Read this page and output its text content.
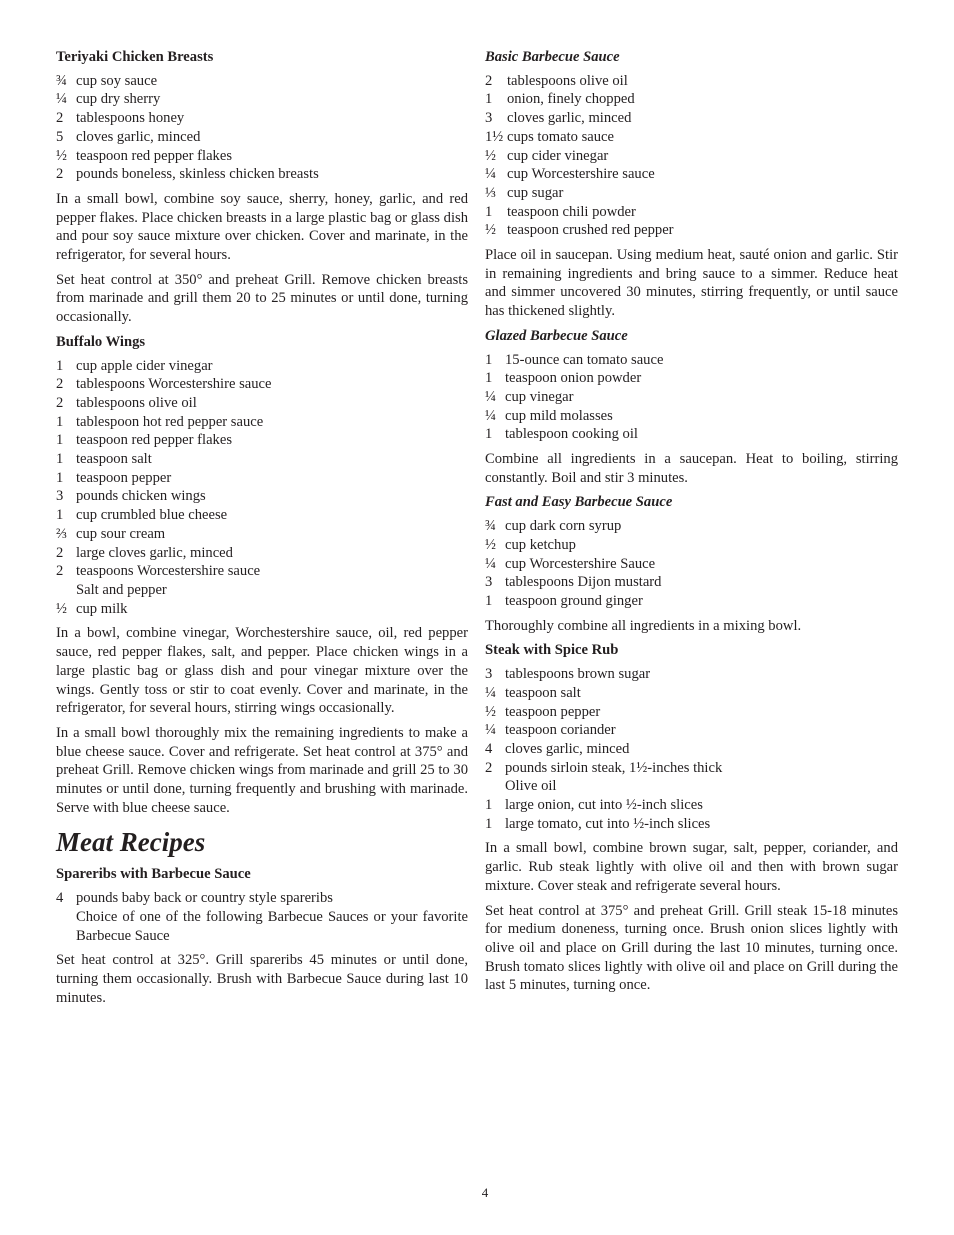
Teriyaki Chicken Breasts
¾ cup soy sauce
¼ cup dry sherry
2 tablespoons honey
5 cloves garlic, minced
½ teaspoon red pepper flakes
2 pounds boneless, skinless chicken breasts

In a small bowl, combine soy sauce, sherry, honey, garlic, and red pepper flakes. Place chicken breasts in a large plastic bag or glass dish and pour soy sauce mixture over chicken. Cover and marinate, in the refrigerator, for several hours.

Set heat control at 350° and preheat Grill. Remove chicken breasts from marinade and grill them 20 to 25 minutes or until done, turning occasionally.

Buffalo Wings
1 cup apple cider vinegar
2 tablespoons Worcestershire sauce
2 tablespoons olive oil
1 tablespoon hot red pepper sauce
1 teaspoon red pepper flakes
1 teaspoon salt
1 teaspoon pepper
3 pounds chicken wings
1 cup crumbled blue cheese
⅔ cup sour cream
2 large cloves garlic, minced
2 teaspoons Worcestershire sauce
Salt and pepper
½ cup milk

In a bowl, combine vinegar, Worchestershire sauce, oil, red pepper sauce, red pepper flakes, salt, and pepper. Place chicken wings in a large plastic bag or glass dish and pour vinegar mixture over the wings. Gently toss or stir to coat evenly. Cover and marinate, in the refrigerator, for several hours, stirring wings occasionally.

In a small bowl thoroughly mix the remaining ingredients to make a blue cheese sauce. Cover and refrigerate. Set heat control at 375° and preheat Grill. Remove chicken wings from marinade and grill 25 to 30 minutes or until done, turning frequently and brushing with marinade. Serve with blue cheese sauce.

Meat Recipes
Spareribs with Barbecue Sauce
4 pounds baby back or country style spareribs
Choice of one of the following Barbecue Sauces or your favorite Barbecue Sauce

Set heat control at 325°. Grill spareribs 45 minutes or until done, turning them occasionally. Brush with Barbecue Sauce during last 10 minutes.

Basic Barbecue Sauce
2	tablespoons olive oil
1	onion, finely chopped
3	cloves garlic, minced
1½ cups tomato sauce
½ cup cider vinegar
¼ cup Worcestershire sauce
⅓ cup sugar
1	teaspoon chili powder
½ teaspoon crushed red pepper

Place oil in saucepan. Using medium heat, sauté onion and garlic. Stir in remaining ingredients and bring sauce to a simmer. Reduce heat and simmer uncovered 30 minutes, stirring frequently, or until sauce has thickened slightly.

Glazed Barbecue Sauce
1 15-ounce can tomato sauce
1 teaspoon onion powder
¼ cup vinegar
¼ cup mild molasses
1 tablespoon cooking oil

Combine all ingredients in a saucepan. Heat to boiling, stirring constantly. Boil and stir 3 minutes.

Fast and Easy Barbecue Sauce
¾ cup dark corn syrup
½ cup ketchup
¼ cup Worcestershire Sauce
3 tablespoons Dijon mustard
1 teaspoon ground ginger

Thoroughly combine all ingredients in a mixing bowl.

Steak with Spice Rub
3 tablespoons brown sugar
¼ teaspoon salt
½ teaspoon pepper
¼ teaspoon coriander
4 cloves garlic, minced
2 pounds sirloin steak, 1½-inches thick
Olive oil
1 large onion, cut into ½-inch slices
1 large tomato, cut into ½-inch slices

In a small bowl, combine brown sugar, salt, pepper, coriander, and garlic. Rub steak lightly with olive oil and then with brown sugar mixture. Cover steak and refrigerate several hours.

Set heat control at 375° and preheat Grill. Grill steak 15-18 minutes for medium doneness, turning once. Brush onion slices lightly with olive oil and place on Grill during the last 10 minutes, turning once. Brush tomato slices lightly with olive oil and place on Grill during the last 5 minutes, turning once.

4
